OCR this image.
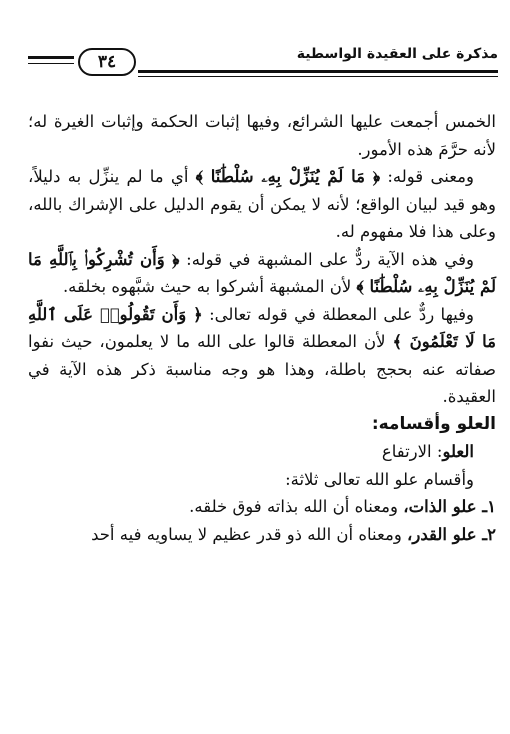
مذكرة على العقيدة الواسطية
٣٤

الخمس أجمعت عليها الشرائع، وفيها إثبات الحكمة وإثبات الغيرة له؛ لأنه حرَّمَ هذه الأمور.

ومعنى قوله: ﴿ مَا لَمْ يُنَزِّلْ بِهِۦ سُلْطَٰنًا ﴾ أي ما لم ينزِّل به دليلاً، وهو قيد لبيان الواقع؛ لأنه لا يمكن أن يقوم الدليل على الإشراك بالله، وعلى هذا فلا مفهوم له.

وفي هذه الآية ردٌّ على المشبهة في قوله: ﴿ وَأَن تُشْرِكُوا۟ بِٱللَّهِ مَا لَمْ يُنَزِّلْ بِهِۦ سُلْطَٰنًا ﴾ لأن المشبهة أشركوا به حيث شبَّهوه بخلقه.

وفيها ردٌّ على المعطلة في قوله تعالى: ﴿ وَأَن تَقُولُوا۟ عَلَى ٱللَّهِ مَا لَا تَعْلَمُونَ ﴾ لأن المعطلة قالوا على الله ما لا يعلمون، حيث نفوا صفاته عنه بحجج باطلة، وهذا هو وجه مناسبة ذكر هذه الآية في العقيدة.

العلو وأقسامه:

العلو: الارتفاع

وأقسام علو الله تعالى ثلاثة:

١ـ علو الذات، ومعناه أن الله بذاته فوق خلقه.

٢ـ علو القدر، ومعناه أن الله ذو قدر عظيم لا يساويه فيه أحد
